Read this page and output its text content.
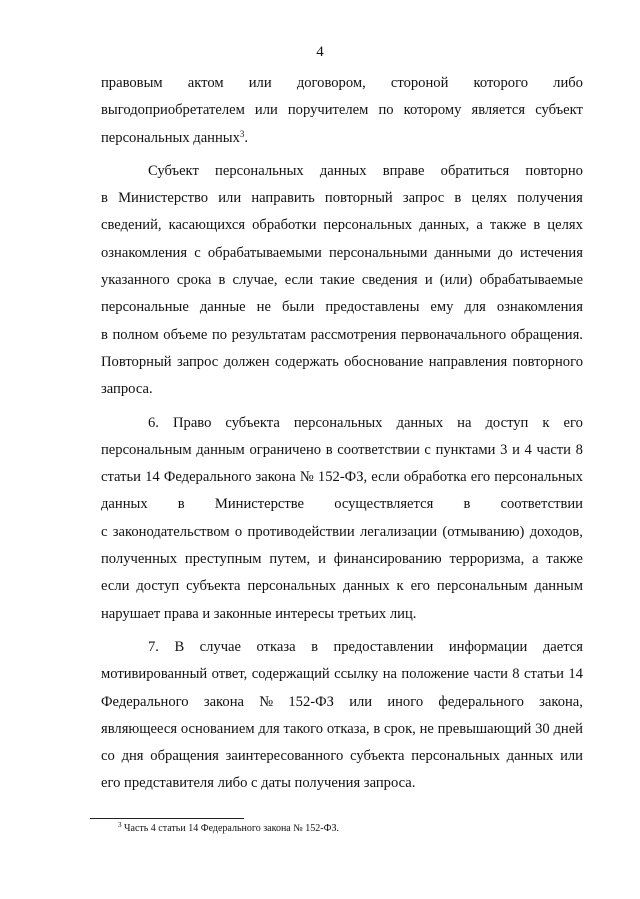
4
правовым актом или договором, стороной которого либо
выгодоприобретателем или поручителем по которому является субъект
персональных данных$^3$.
Субъект персональных данных вправе обратиться повторно
в Министерство или направить повторный запрос в целях получения
сведений, касающихся обработки персональных данных, а также в целях
ознакомления с обрабатываемыми персональными данными до истечения
указанного срока в случае, если такие сведения и (или) обрабатываемые
персональные данные не были предоставлены ему для ознакомления
в полном объеме по результатам рассмотрения первоначального обращения.
Повторный запрос должен содержать обоснование направления повторного
запроса.
6. Право субъекта персональных данных на доступ к его
персональным данным ограничено в соответствии с пунктами 3 и 4 части 8
статьи 14 Федерального закона № 152-ФЗ, если обработка его персональных
данных в Министерстве осуществляется в соответствии
с законодательством о противодействии легализации (отмыванию) доходов,
полученных преступным путем, и финансированию терроризма, а также
если доступ субъекта персональных данных к его персональным данным
нарушает права и законные интересы третьих лиц.
7. В случае отказа в предоставлении информации дается
мотивированный ответ, содержащий ссылку на положение части 8 статьи 14
Федерального закона № 152-ФЗ или иного федерального закона,
являющееся основанием для такого отказа, в срок, не превышающий 30 дней
со дня обращения заинтересованного субъекта персональных данных или
его представителя либо с даты получения запроса.
$^3$ Часть 4 статьи 14 Федерального закона № 152-ФЗ.
